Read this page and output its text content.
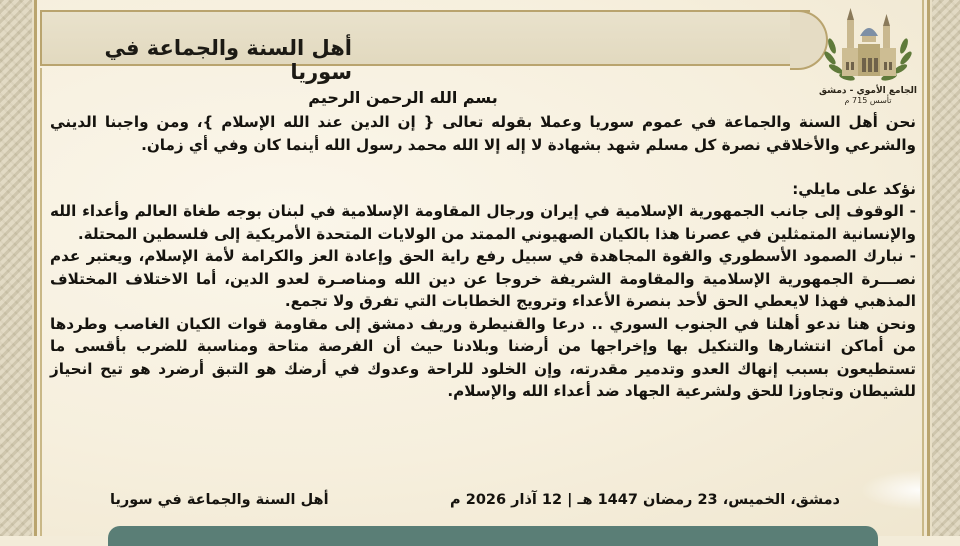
أهل السنة والجماعة في سوريا
الجامع الأموي - دمشق
تأسس 715 م

بسم الله الرحمن الرحيم

نحن أهل السنة والجماعة في عموم سوريا وعملا بقوله تعالى { إن الدين عند الله الإسلام }، ومن واجبنا الديني والشرعي والأخلاقي نصرة كل مسلم شهد بشهادة لا إله إلا الله محمد رسول الله أينما كان وفي أي زمان.

نؤكد على مايلي:

- الوقوف إلى جانب الجمهورية الإسلامية في إيران ورجال المقاومة الإسلامية في لبنان بوجه طغاة العالم وأعداء الله والإنسانية المتمثلين في عصرنا هذا بالكيان الصهيوني الممتد من الولايات المتحدة الأمريكية إلى فلسطين المحتلة.

- نبارك الصمود الأسطوري والقوة المجاهدة في سبيل رفع راية الحق وإعادة العز والكرامة لأمة الإسلام، ويعتبر عدم نصـــرة الجمهورية الإسلامية والمقاومة الشريفة خروجا عن دين الله ومناصـرة لعدو الدين، أما الاختلاف المختلاف المذهبي فهذا لايعطي الحق لأحد بنصرة الأعداء وترويج الخطابات التي تفرق ولا تجمع.

ونحن هنا ندعو أهلنا في الجنوب السوري .. درعا والقنيطرة وريف دمشق إلى مقاومة قوات الكيان الغاصب وطردها من أماكن انتشارها والتنكيل بها وإخراجها من أرضنا وبلادنا حيث أن الفرصة متاحة ومناسبة للضرب بأقسى ما تستطيعون بسبب إنهاك العدو وتدمير مقدرته، وإن الخلود للراحة وعدوك في أرضك هو التبق أرضرد هو تيح انحياز للشيطان وتجاوزا للحق ولشرعية الجهاد ضد أعداء الله والإسلام.

دمشق، الخميس، 23 رمضان 1447 هـ | 12 آذار 2026 م
أهل السنة والجماعة في سوريا
